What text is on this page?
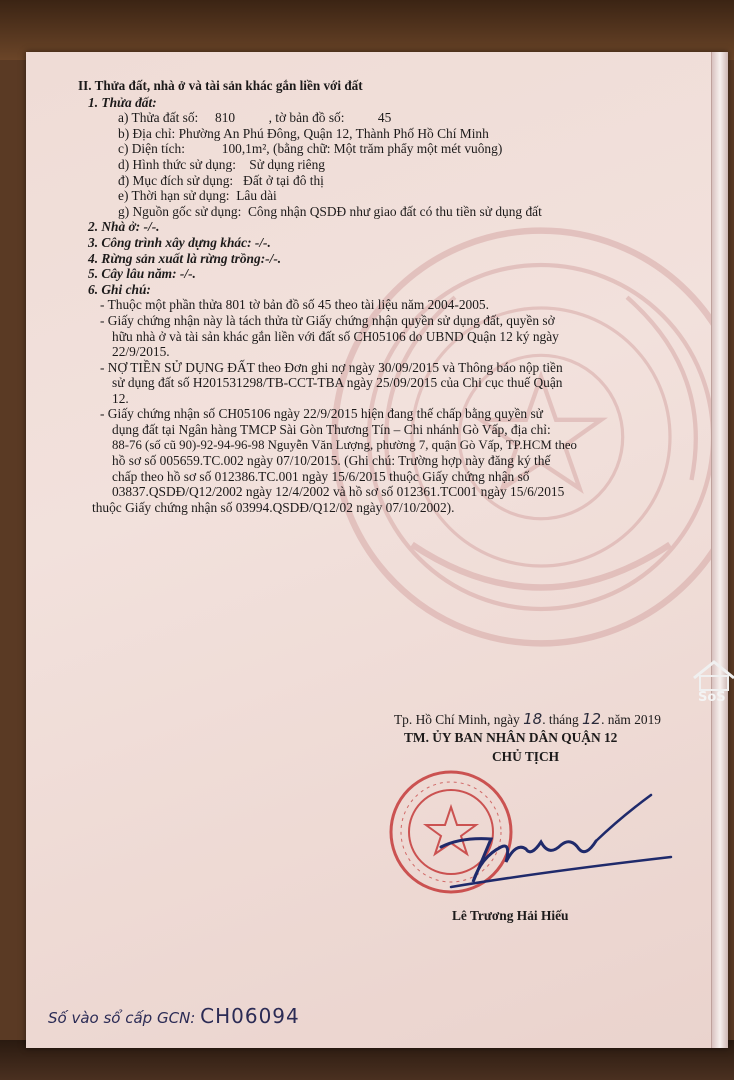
II. Thửa đất, nhà ở và tài sản khác gắn liền với đất
1. Thửa đất:
a) Thửa đất số:     810          , tờ bản đồ số:          45
b) Địa chỉ: Phường An Phú Đông, Quận 12, Thành Phố Hồ Chí Minh
c) Diện tích:           100,1m², (bằng chữ: Một trăm phẩy một mét vuông)
d) Hình thức sử dụng:    Sử dụng riêng
đ) Mục đích sử dụng:   Đất ở tại đô thị
e) Thời hạn sử dụng:  Lâu dài
g) Nguồn gốc sử dụng:  Công nhận QSDĐ như giao đất có thu tiền sử dụng đất
2. Nhà ở: -/-.
3. Công trình xây dựng khác: -/-.
4. Rừng sản xuất là rừng trồng:-/-.
5. Cây lâu năm: -/-.
6. Ghi chú:
- Thuộc một phần thửa 801 tờ bản đồ số 45 theo tài liệu năm 2004-2005.
- Giấy chứng nhận này là tách thửa từ Giấy chứng nhận quyền sử dụng đất, quyền sở
hữu nhà ở và tài sản khác gắn liền với đất số CH05106 do UBND Quận 12 ký ngày
22/9/2015.
- NỢ TIỀN SỬ DỤNG ĐẤT theo Đơn ghi nợ ngày 30/09/2015 và Thông báo nộp tiền
sử dụng đất số H201531298/TB-CCT-TBA ngày 25/09/2015 của Chi cục thuế Quận
12.
- Giấy chứng nhận số CH05106 ngày 22/9/2015 hiện đang thế chấp bằng quyền sử
dụng đất tại Ngân hàng TMCP Sài Gòn Thương Tín – Chi nhánh Gò Vấp, địa chỉ:
88-76 (số cũ 90)-92-94-96-98 Nguyễn Văn Lượng, phường 7, quận Gò Vấp, TP.HCM theo
hồ sơ số 005659.TC.002 ngày 07/10/2015. (Ghi chú: Trường hợp này đăng ký thế
chấp theo hồ sơ số 012386.TC.001 ngày 15/6/2015 thuộc Giấy chứng nhận số
03837.QSDĐ/Q12/2002 ngày 12/4/2002 và hồ sơ số 012361.TC001 ngày 15/6/2015
thuộc Giấy chứng nhận số 03994.QSDĐ/Q12/02 ngày 07/10/2002).
Tp. Hồ Chí Minh, ngày 18. tháng 12. năm 2019
TM. ỦY BAN NHÂN DÂN QUẬN 12
CHỦ TỊCH
Lê Trương Hải Hiếu
Số vào sổ cấp GCN: CH06094
SoS
